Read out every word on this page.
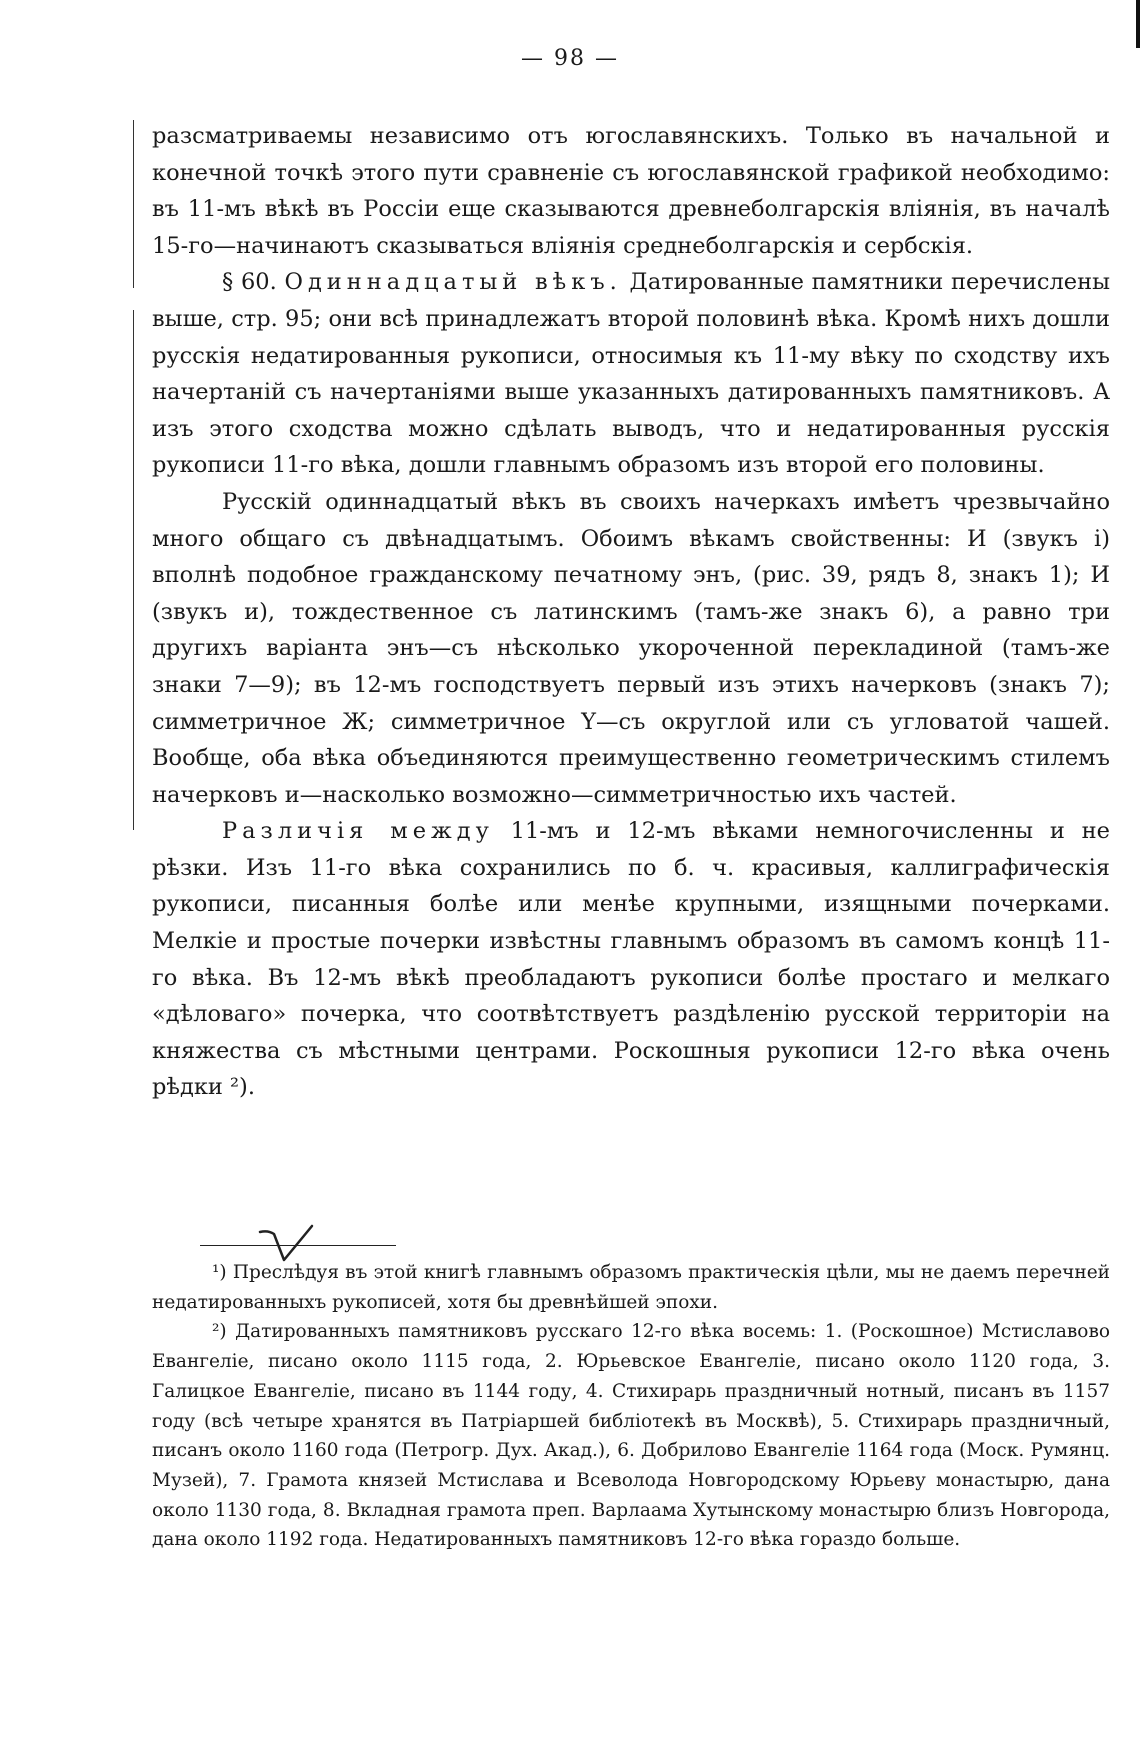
— 98 —

разсматриваемы независимо отъ югославянскихъ. Только въ начальной и конечной точкѣ этого пути сравненіе съ югославянской графикой необходимо: въ 11-мъ вѣкѣ въ Россіи еще сказываются древнеболгарскія вліянія, въ началѣ 15-го—начинаютъ сказываться вліянія среднеболгарскія и сербскія.

§ 60. Одиннадцатый вѣкъ. Датированные памятники перечислены выше, стр. 95; они всѣ принадлежатъ второй половинѣ вѣка. Кромѣ нихъ дошли русскія недатированныя рукописи, относимыя къ 11-му вѣку по сходству ихъ начертаній съ начертаніями выше указанныхъ датированныхъ памятниковъ. А изъ этого сходства можно сдѣлать выводъ, что и недатированныя русскія рукописи 11-го вѣка, дошли главнымъ образомъ изъ второй его половины.

Русскій одиннадцатый вѣкъ въ своихъ начеркахъ имѣетъ чрезвычайно много общаго съ двѣнадцатымъ. Обоимъ вѣкамъ свойственны: И (звукъ і) вполнѣ подобное гражданскому печатному энъ, (рис. 39, рядъ 8, знакъ 1); И (звукъ и), тождественное съ латинскимъ (тамъ-же знакъ 6), а равно три другихъ варіанта энъ—съ нѣсколько укороченной перекладиной (тамъ-же знаки 7—9); въ 12-мъ господствуетъ первый изъ этихъ начерковъ (знакъ 7); симметричное Ж; симметричное Y—съ округлой или съ угловатой чашей. Вообще, оба вѣка объединяются преимущественно геометрическимъ стилемъ начерковъ и—насколько возможно—симметричностью ихъ частей.

Различія между 11-мъ и 12-мъ вѣками немногочисленны и не рѣзки. Изъ 11-го вѣка сохранились по б. ч. красивыя, каллиграфическія рукописи, писанныя болѣе или менѣе крупными, изящными почерками. Мелкіе и простые почерки извѣстны главнымъ образомъ въ самомъ концѣ 11-го вѣка. Въ 12-мъ вѣкѣ преобладаютъ рукописи болѣе простаго и мелкаго «дѣловаго» почерка, что соотвѣтствуетъ раздѣленію русской территоріи на княжества съ мѣстными центрами. Роскошныя рукописи 12-го вѣка очень рѣдки ²).

¹) Преслѣдуя въ этой книгѣ главнымъ образомъ практическія цѣли, мы не даемъ перечней недатированныхъ рукописей, хотя бы древнѣйшей эпохи.

²) Датированныхъ памятниковъ русскаго 12-го вѣка восемь: 1. (Роскошное) Мстиславово Евангеліе, писано около 1115 года, 2. Юрьевское Евангеліе, писано около 1120 года, 3. Галицкое Евангеліе, писано въ 1144 году, 4. Стихирарь праздничный нотный, писанъ въ 1157 году (всѣ четыре хранятся въ Патріаршей библіотекѣ въ Москвѣ), 5. Стихирарь праздничный, писанъ около 1160 года (Петрогр. Дух. Акад.), 6. Добрилово Евангеліе 1164 года (Моск. Румянц. Музей), 7. Грамота князей Мстислава и Всеволода Новгородскому Юрьеву монастырю, дана около 1130 года, 8. Вкладная грамота преп. Варлаама Хутынскому монастырю близъ Новгорода, дана около 1192 года. Недатированныхъ памятниковъ 12-го вѣка гораздо больше.
